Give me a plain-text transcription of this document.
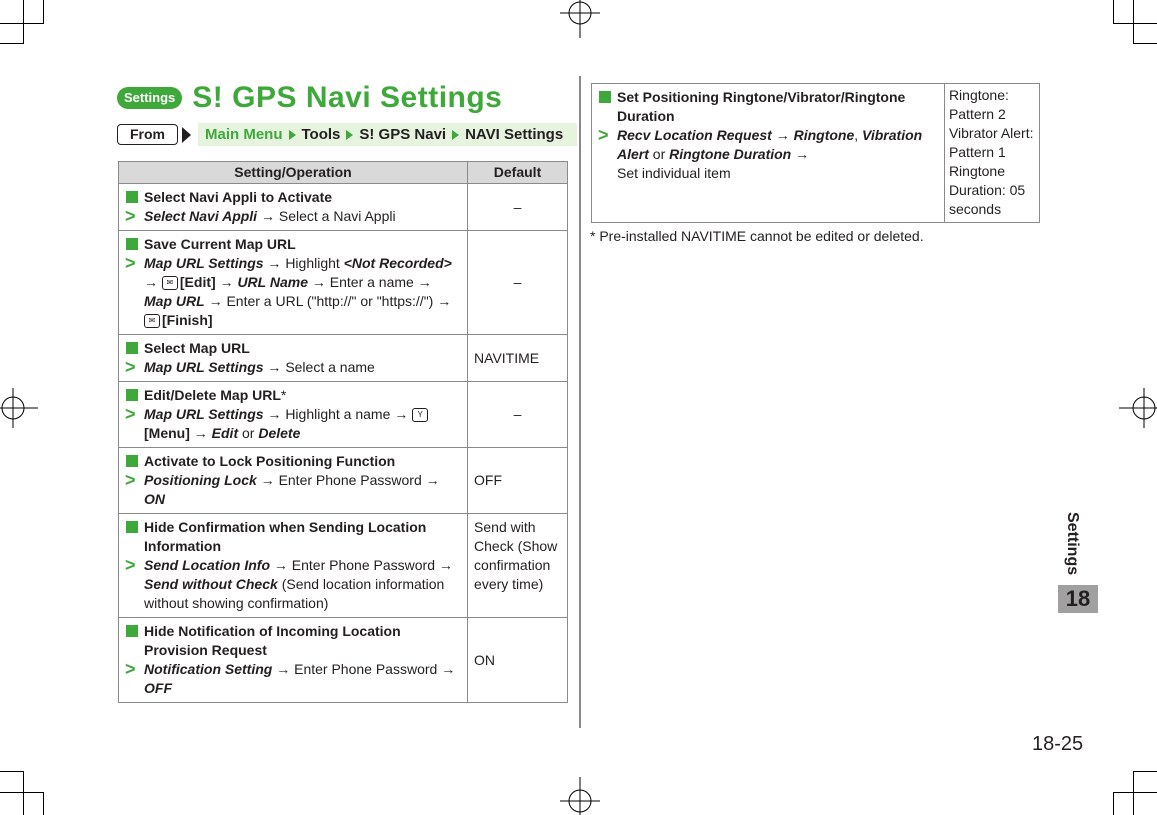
Settings S! GPS Navi Settings
From	Main Menu Tools S! GPS Navi NAVI Settings
Setting/Operation	Default

Select Navi Appli to Activate
> Select Navi Appli → Select a Navi Appli	–

Save Current Map URL
> Map URL Settings → Highlight <Not Recorded> → ✉ [Edit] → URL Name → Enter a name → Map URL → Enter a URL ("http://" or "https://") → ✉ [Finish]	–

Select Map URL
> Map URL Settings → Select a name	NAVITIME

Edit/Delete Map URL*
> Map URL Settings → Highlight a name → Y[Menu] → Edit or Delete	–

Activate to Lock Positioning Function
> Positioning Lock → Enter Phone Password → ON	OFF

Hide Confirmation when Sending Location Information
> Send Location Info → Enter Phone Password → Send without Check (Send location information without showing confirmation)	Send with Check (Show confirmation every time)

Hide Notification of Incoming Location Provision Request
> Notification Setting → Enter Phone Password → OFF	ON
Set Positioning Ringtone/Vibrator/Ringtone Duration
> Recv Location Request → Ringtone, Vibration Alert or Ringtone Duration →
Set individual item
	Ringtone: Pattern 2 Vibrator Alert: Pattern 1 Ringtone Duration: 05 seconds
* Pre-installed NAVITIME cannot be edited or deleted.
Settings
18
18-25
